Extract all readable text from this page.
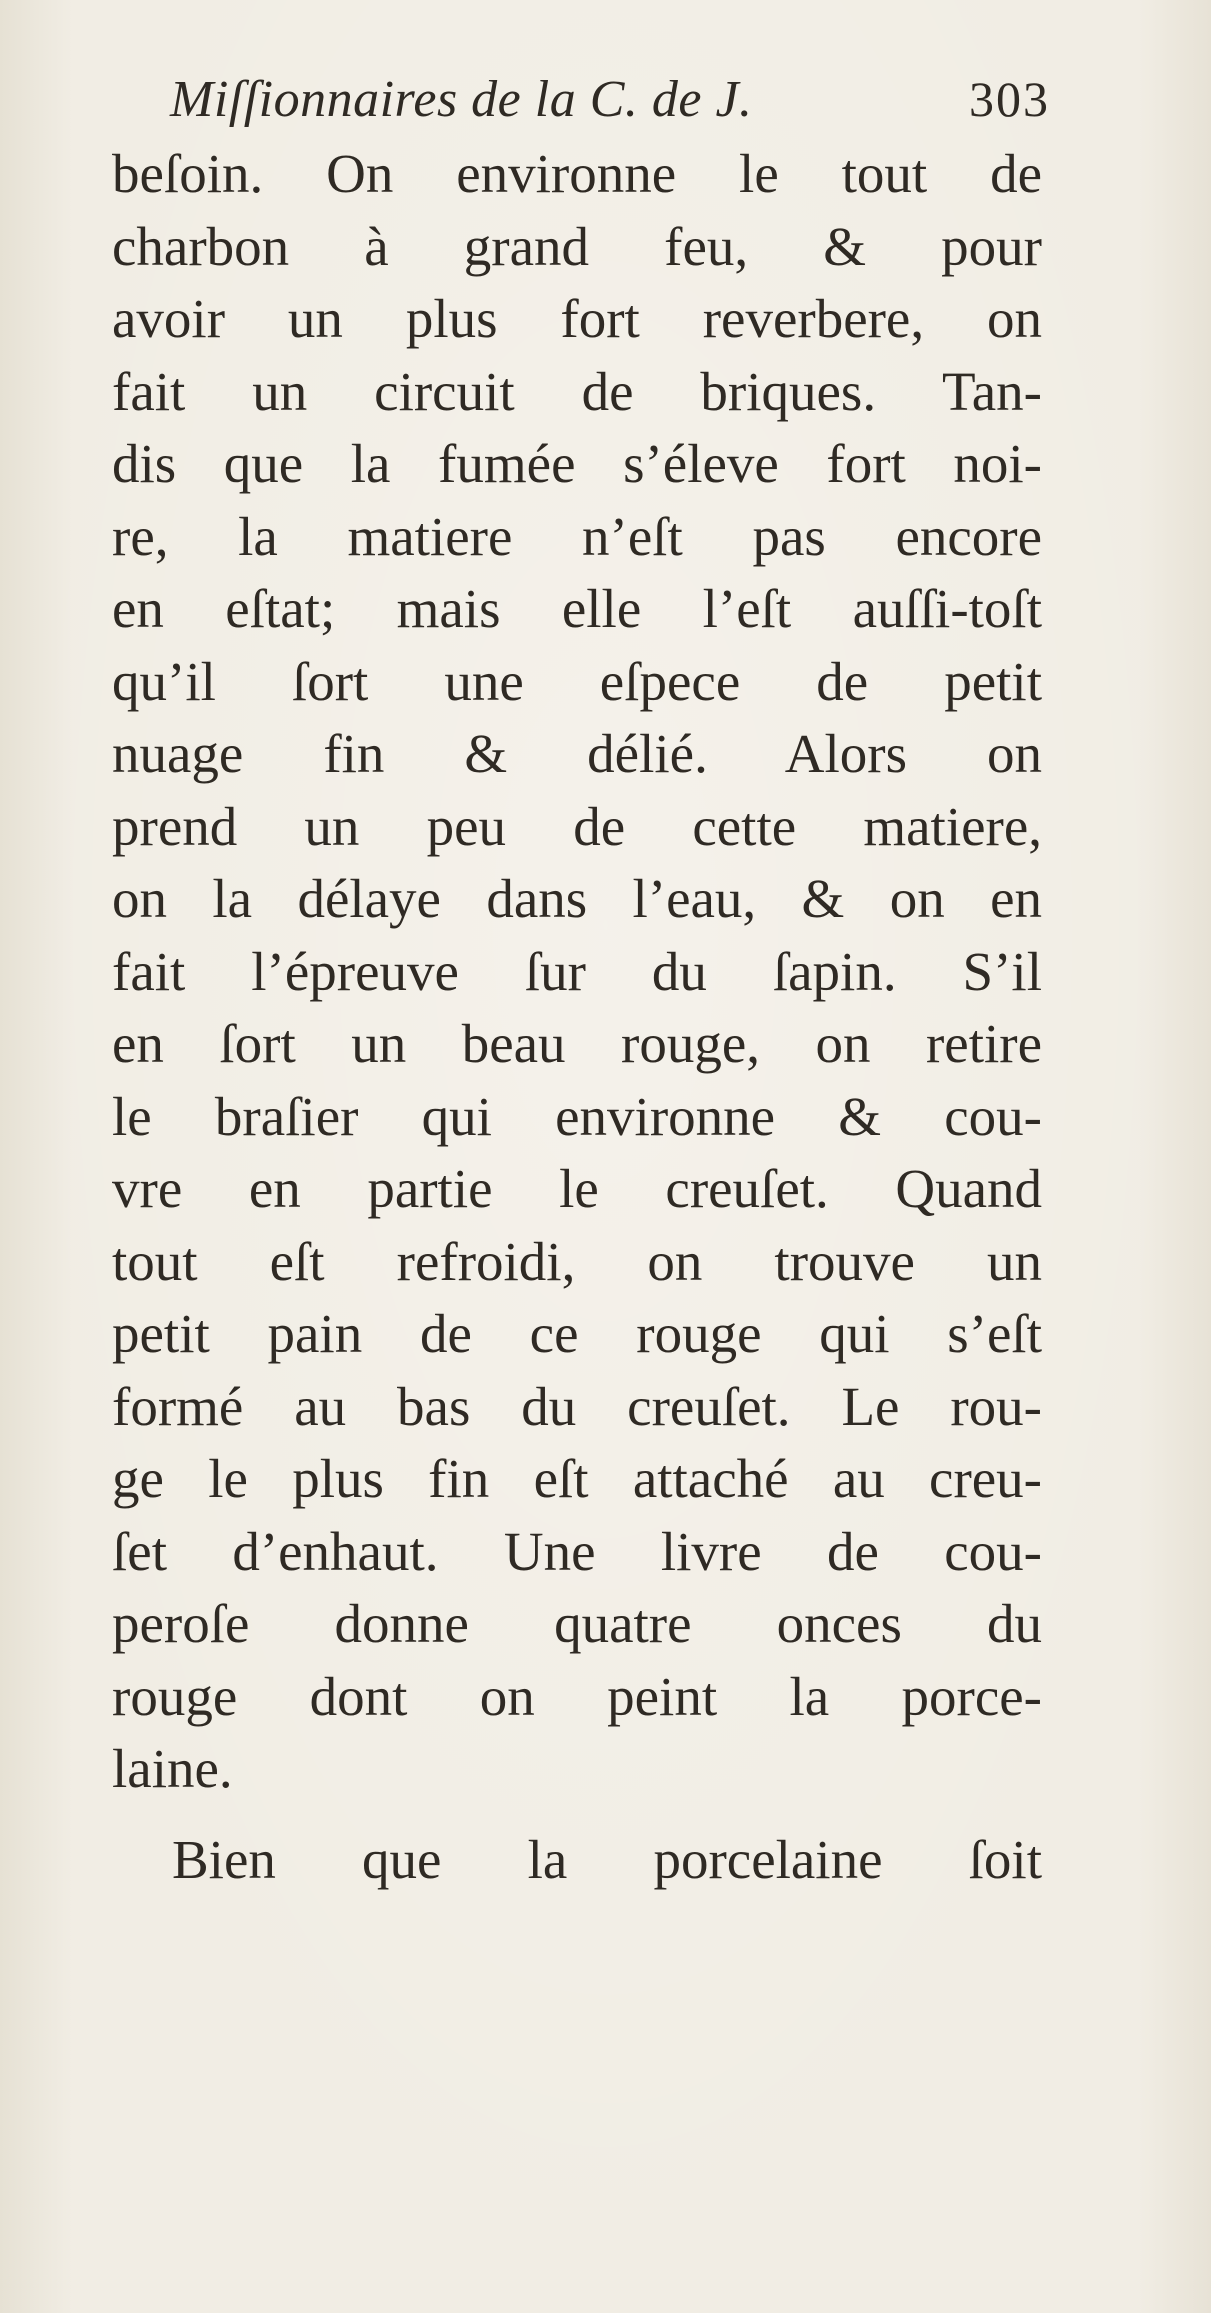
Miſſionnaires de la C. de J.	303
beſoin. On environne le tout de
charbon à grand feu, & pour
avoir un plus fort reverbere, on
fait un circuit de briques. Tan-
dis que la fumée s’éleve fort noi-
re, la matiere n’eſt pas encore
en eſtat; mais elle l’eſt auſſi-toſt
qu’il ſort une eſpece de petit
nuage fin & délié. Alors on
prend un peu de cette matiere,
on la délaye dans l’eau, & on en
fait l’épreuve ſur du ſapin. S’il
en ſort un beau rouge, on retire
le braſier qui environne & cou-
vre en partie le creuſet. Quand
tout eſt refroidi, on trouve un
petit pain de ce rouge qui s’eſt
formé au bas du creuſet. Le rou-
ge le plus fin eſt attaché au creu-
ſet d’enhaut. Une livre de cou-
peroſe donne quatre onces du
rouge dont on peint la porce-
laine.
Bien que la porcelaine ſoit
